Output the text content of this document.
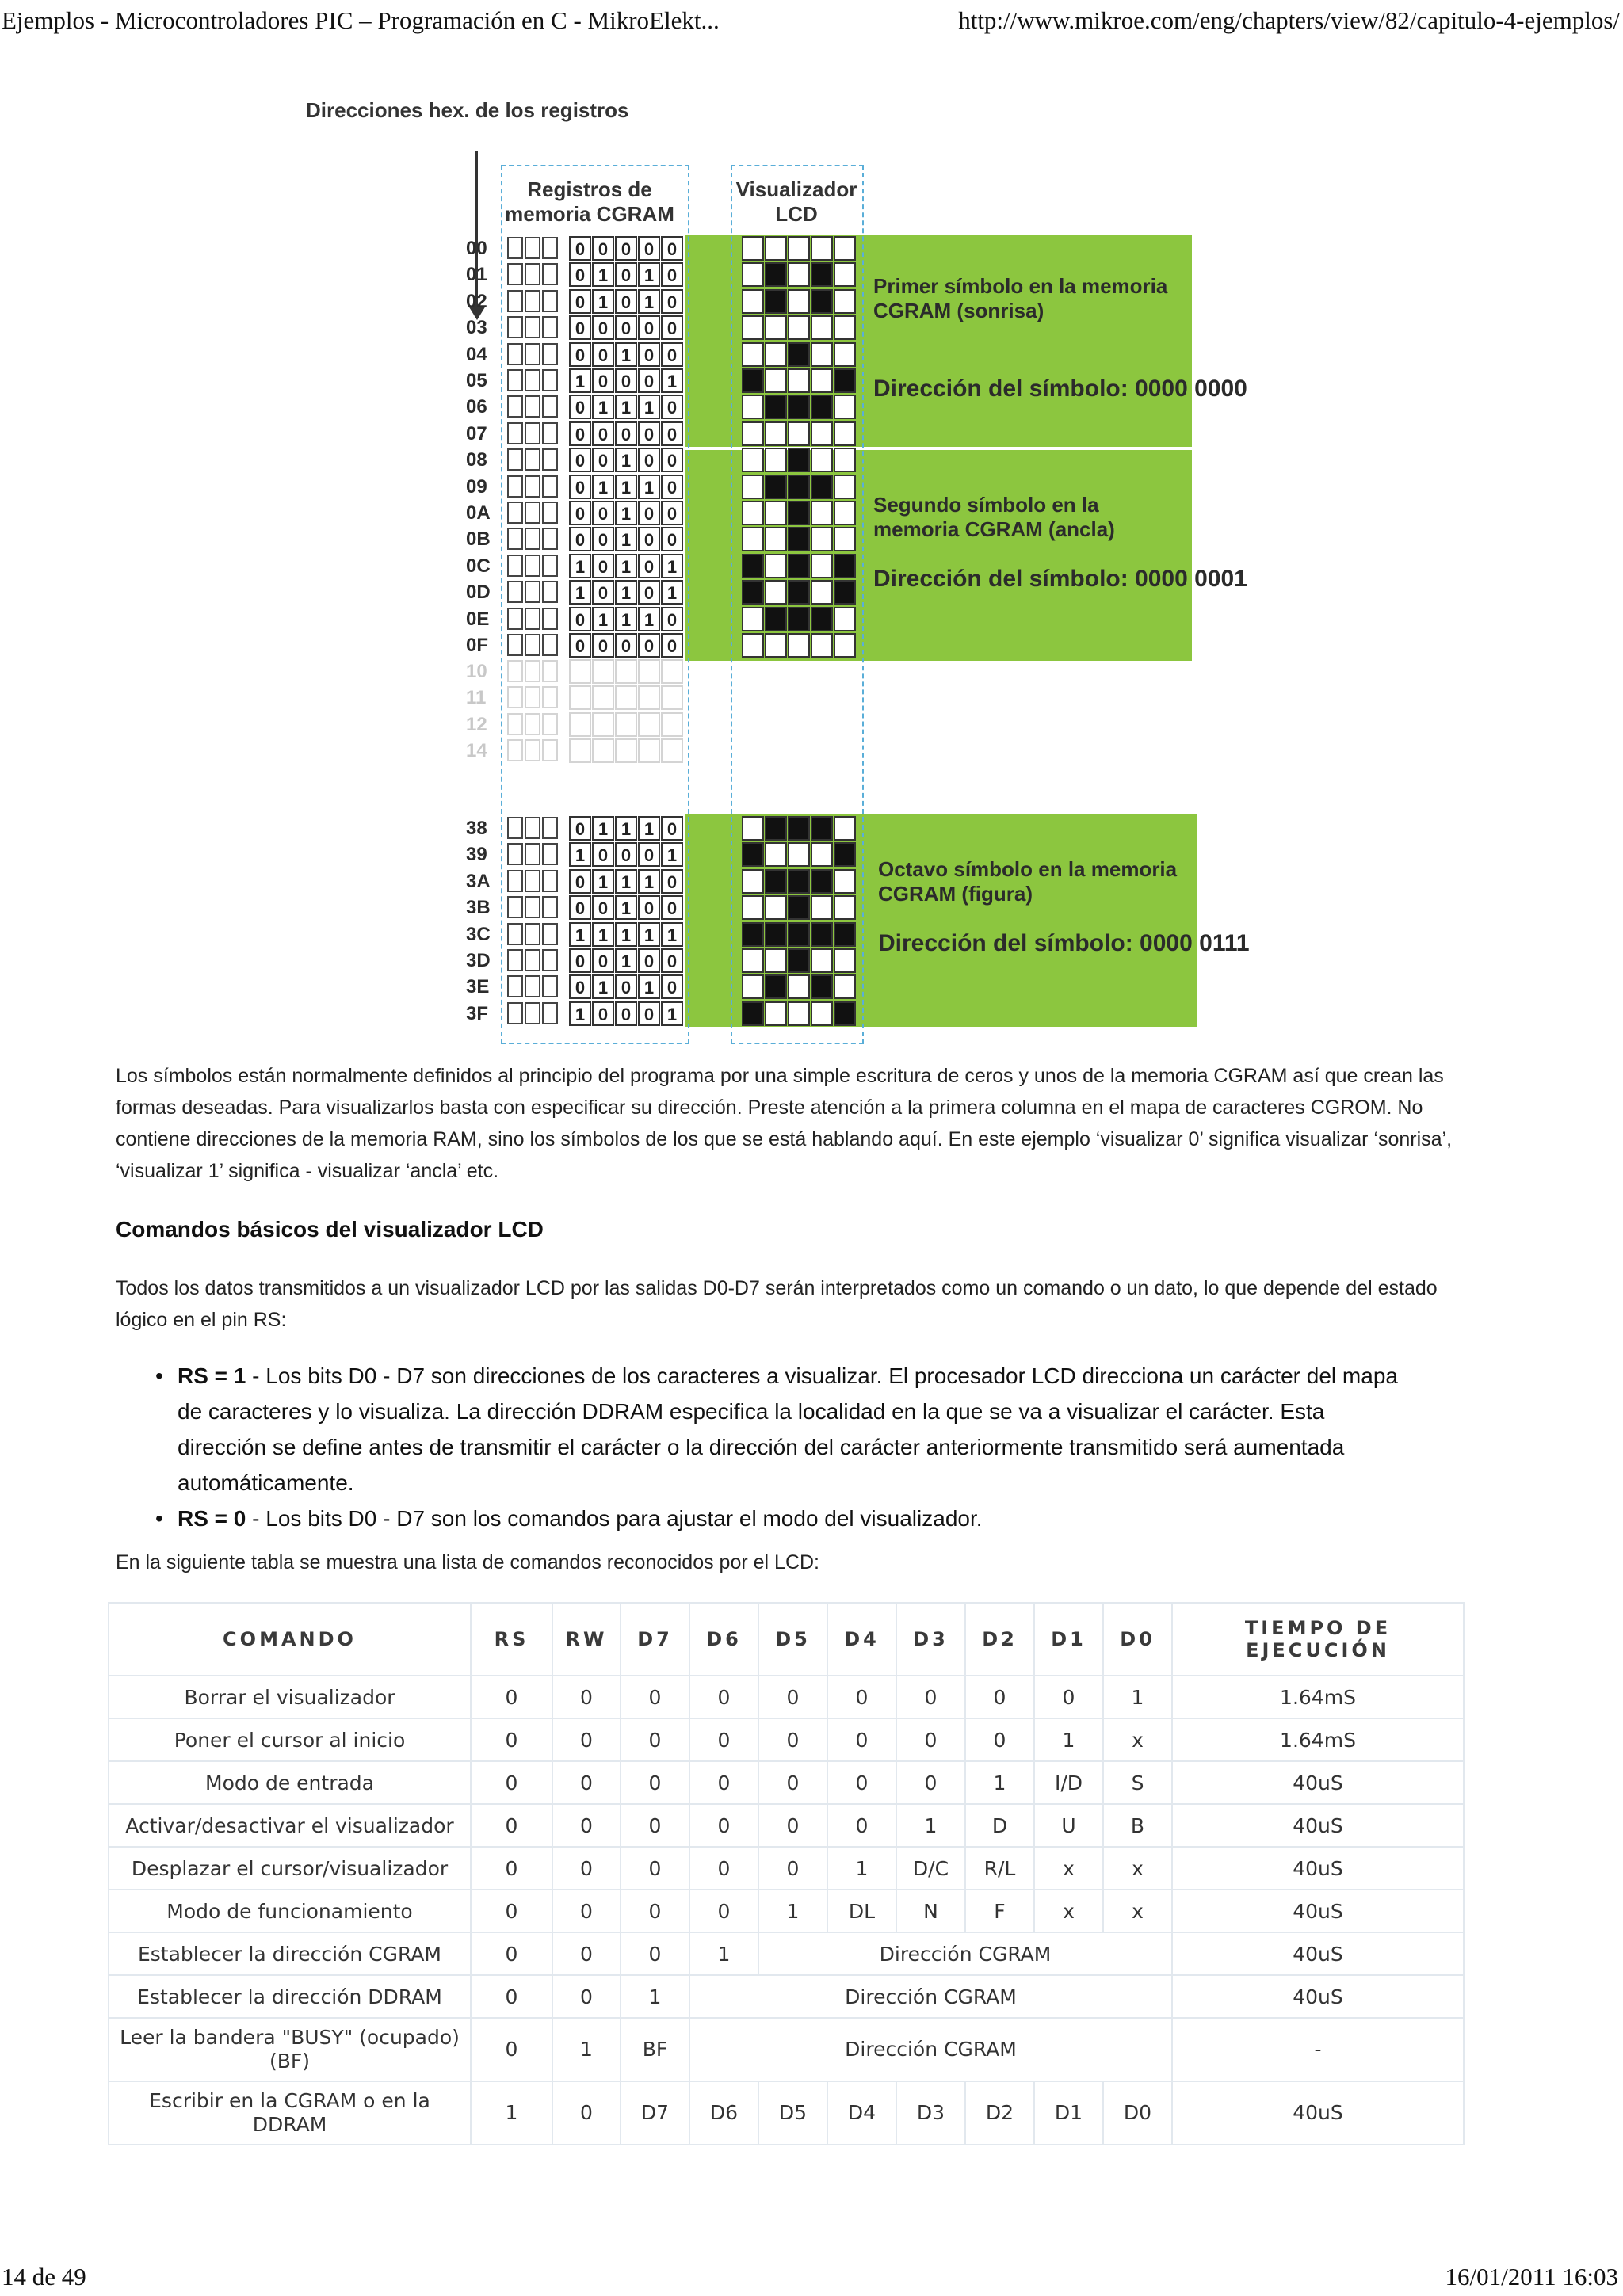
Ejemplos - Microcontroladores PIC – Programación en C - MikroElekt...	http://www.mikroe.com/eng/chapters/view/82/capitulo-4-ejemplos/
Direcciones hex. de los registros
Registros de memoria CGRAM
Visualizador LCD
Primer símbolo en la memoria CGRAM (sonrisa)
Dirección del símbolo: 0000 0000
Segundo símbolo en la memoria CGRAM (ancla)
Dirección del símbolo: 0000 0001
Octavo símbolo en la memoria CGRAM (figura)
Dirección del símbolo: 0000 0111
00	0 0 0 0 0
01	0 1 0 1 0
02	0 1 0 1 0
03	0 0 0 0 0
04	0 0 1 0 0
05	1 0 0 0 1
06	0 1 1 1 0
07	0 0 0 0 0
08	0 0 1 0 0
09	0 1 1 1 0
0A	0 0 1 0 0
0B	0 0 1 0 0
0C	1 0 1 0 1
0D	1 0 1 0 1
0E	0 1 1 1 0
0F	0 0 0 0 0
10
11
12
14
38	0 1 1 1 0
39	1 0 0 0 1
3A	0 1 1 1 0
3B	0 0 1 0 0
3C	1 1 1 1 1
3D	0 0 1 0 0
3E	0 1 0 1 0
3F	1 0 0 0 1
Los símbolos están normalmente definidos al principio del programa por una simple escritura de ceros y unos de la memoria CGRAM así que crean las formas deseadas. Para visualizarlos basta con especificar su dirección. Preste atención a la primera columna en el mapa de caracteres CGROM. No contiene direcciones de la memoria RAM, sino los símbolos de los que se está hablando aquí. En este ejemplo ‘visualizar 0’ significa visualizar ‘sonrisa’, ‘visualizar 1’ significa - visualizar ‘ancla’ etc.
Comandos básicos del visualizador LCD
Todos los datos transmitidos a un visualizador LCD por las salidas D0-D7 serán interpretados como un comando o un dato, lo que depende del estado lógico en el pin RS:
• RS = 1 - Los bits D0 - D7 son direcciones de los caracteres a visualizar. El procesador LCD direcciona un carácter del mapa de caracteres y lo visualiza. La dirección DDRAM especifica la localidad en la que se va a visualizar el carácter. Esta dirección se define antes de transmitir el carácter o la dirección del carácter anteriormente transmitido será aumentada automáticamente.
• RS = 0 - Los bits D0 - D7 son los comandos para ajustar el modo del visualizador.
En la siguiente tabla se muestra una lista de comandos reconocidos por el LCD:
COMANDO	RS	RW	D7	D6	D5	D4	D3	D2	D1	D0	TIEMPO DE EJECUCIÓN
Borrar el visualizador	0	0	0	0	0	0	0	0	0	1	1.64mS
Poner el cursor al inicio	0	0	0	0	0	0	0	0	1	x	1.64mS
Modo de entrada	0	0	0	0	0	0	0	1	I/D	S	40uS
Activar/desactivar el visualizador	0	0	0	0	0	0	1	D	U	B	40uS
Desplazar el cursor/visualizador	0	0	0	0	0	1	D/C	R/L	x	x	40uS
Modo de funcionamiento	0	0	0	0	1	DL	N	F	x	x	40uS
Establecer la dirección CGRAM	0	0	0	1	Dirección CGRAM						40uS
Establecer la dirección DDRAM	0	0	1	Dirección CGRAM							40uS
Leer la bandera "BUSY" (ocupado) (BF)	0	1	BF	Dirección CGRAM							-
Escribir en la CGRAM o en la DDRAM	1	0	D7	D6	D5	D4	D3	D2	D1	D0	40uS
14 de 49	16/01/2011 16:03
